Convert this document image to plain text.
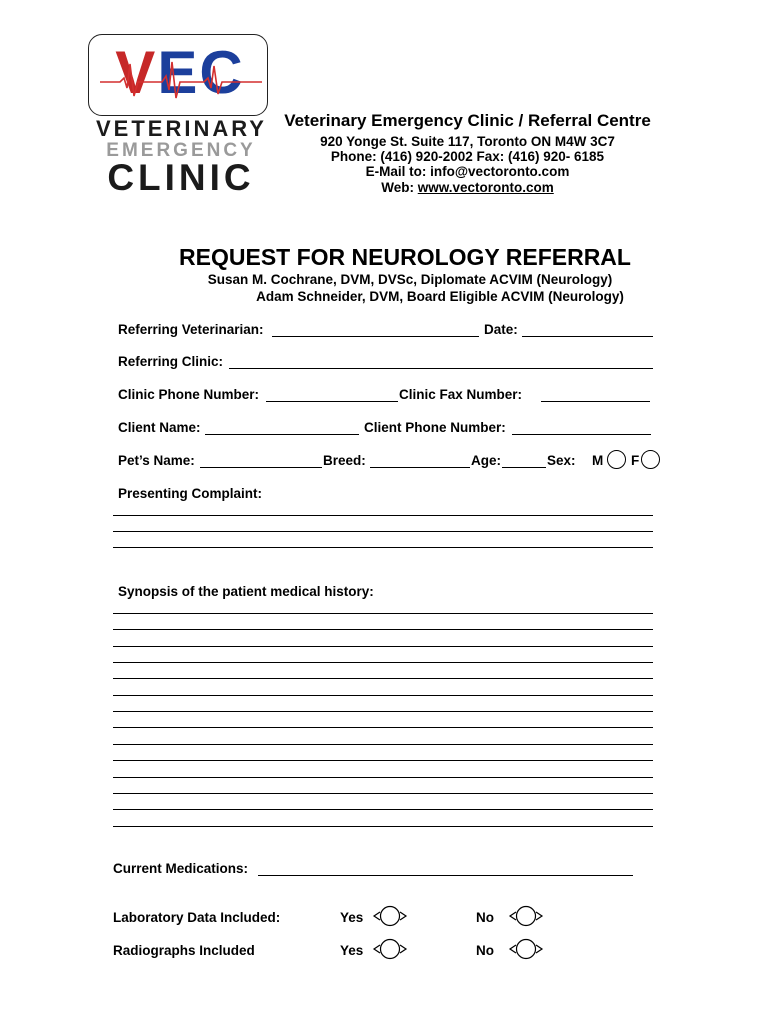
VEC
VETERINARY
EMERGENCY
CLINIC
Veterinary Emergency Clinic / Referral Centre
920 Yonge St. Suite 117, Toronto ON M4W 3C7
Phone: (416) 920-2002 Fax: (416) 920- 6185
E-Mail to: info@vectoronto.com
Web: www.vectoronto.com
REQUEST FOR NEUROLOGY REFERRAL
Susan M. Cochrane, DVM, DVSc, Diplomate ACVIM (Neurology)
Adam Schneider, DVM, Board Eligible ACVIM (Neurology)
Referring Veterinarian:	Date:
Referring Clinic:
Clinic Phone Number:	Clinic Fax Number:
Client Name:	Client Phone Number:
Pet’s Name:	Breed:	Age:	Sex: M F
Presenting Complaint:
Synopsis of the patient medical history:
Current Medications:
Laboratory Data Included:	Yes	No
Radiographs Included	Yes	No
